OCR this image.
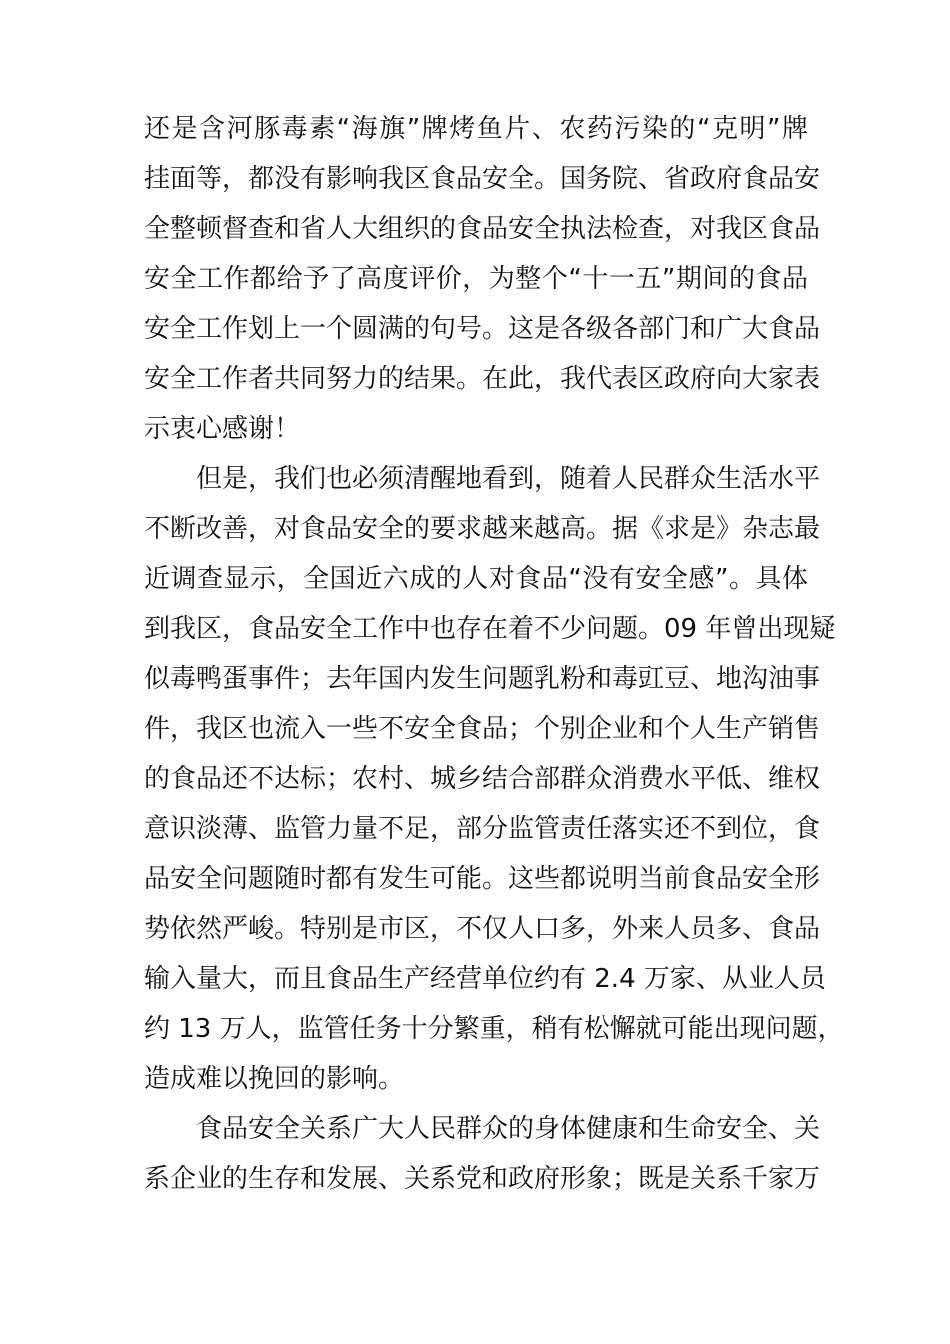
还是含河豚毒素“海旗”牌烤鱼片、农药污染的“克明”牌
挂面等，都没有影响我区食品安全。国务院、省政府食品安
全整顿督查和省人大组织的食品安全执法检查，对我区食品
安全工作都给予了高度评价，为整个“十一五”期间的食品
安全工作划上一个圆满的句号。这是各级各部门和广大食品
安全工作者共同努力的结果。在此，我代表区政府向大家表
示衷心感谢！
但是，我们也必须清醒地看到，随着人民群众生活水平
不断改善，对食品安全的要求越来越高。据《求是》杂志最
近调查显示，全国近六成的人对食品“没有安全感”。具体
到我区，食品安全工作中也存在着不少问题。09 年曾出现疑
似毒鸭蛋事件；去年国内发生问题乳粉和毒豇豆、地沟油事
件，我区也流入一些不安全食品；个别企业和个人生产销售
的食品还不达标；农村、城乡结合部群众消费水平低、维权
意识淡薄、监管力量不足，部分监管责任落实还不到位，食
品安全问题随时都有发生可能。这些都说明当前食品安全形
势依然严峻。特别是市区，不仅人口多，外来人员多、食品
输入量大，而且食品生产经营单位约有 2.4 万家、从业人员
约 13 万人，监管任务十分繁重，稍有松懈就可能出现问题，
造成难以挽回的影响。
食品安全关系广大人民群众的身体健康和生命安全、关
系企业的生存和发展、关系党和政府形象；既是关系千家万
